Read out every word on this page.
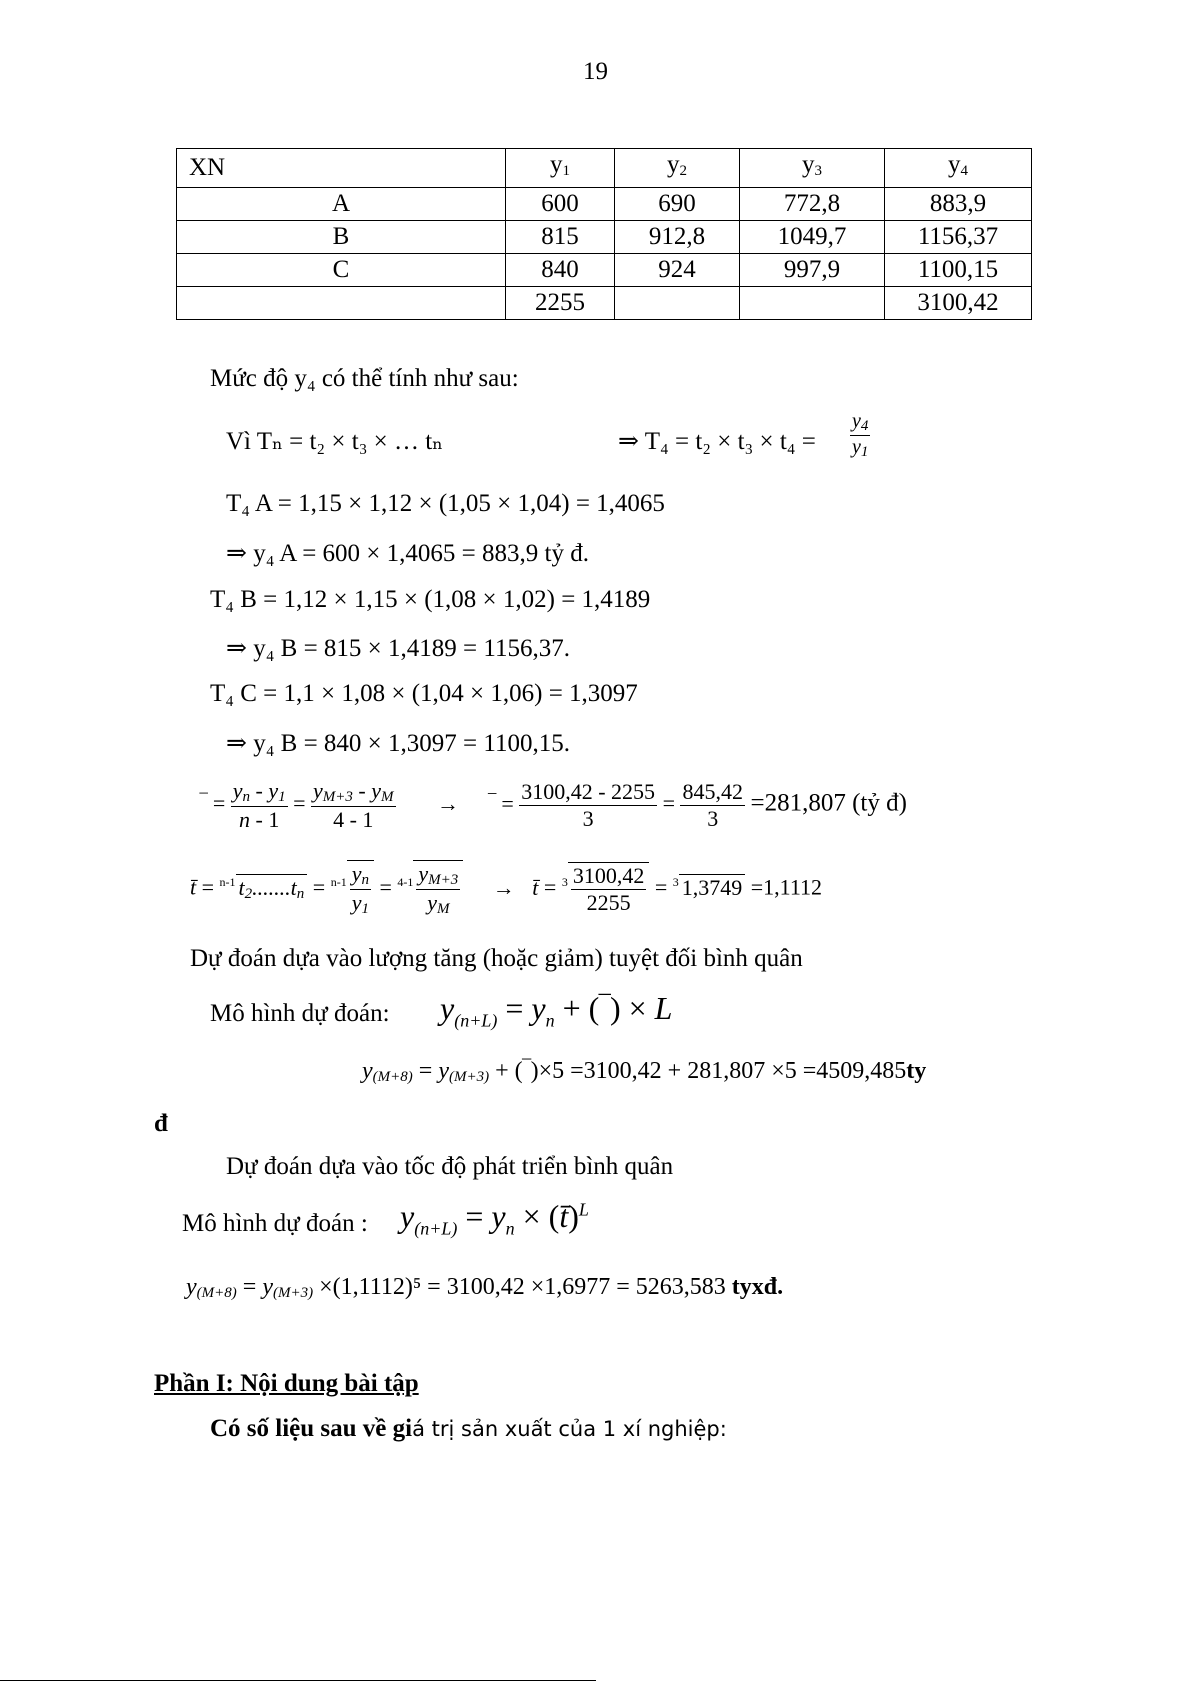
19
XN	$y_1$	$y_2$	$y_3$	$y_4$
A	600	690	772,8	883,9
B	815	912,8	1049,7	1156,37
C	840	924	997,9	1100,15
	2255			3100,42
Mức độ y₄ có thể tính như sau:
Vì Tₙ = t₂ × t₃ × … tₙ	⇒ $T_4 = t_2 \times t_3 \times t_4 = \frac{y_4}{y_1}$
T₄ A = 1,15 × 1,12 × (1,05 × 1,04) = 1,4065
⇒ y₄ A = 600 × 1,4065 = 883,9 tỷ đ.
T₄ B = 1,12 × 1,15 × (1,08 × 1,02) = 1,4189
⇒ y₄ B = 815 × 1,4189 = 1156,37.
T₄ C = 1,1 × 1,08 × (1,04 × 1,06) = 1,3097
⇒ y₄ B = 840 × 1,3097 = 1100,15.
‾ = $\frac{y_n - y_1}{n - 1} = \frac{y_{M+3} - y_M}{4 - 1}$ → ‾ = $\frac{3100,42 - 2255}{3} = \frac{845,42}{3} =281,807$ (tỷ đ)
t̄ = $^{n-1}$ $t_2.......t_n = ^{n-1} \frac{y_n}{y_1} = ^{4-1} \frac{y_{M+3}}{y_M}$ → t̄ = $^3 \frac{3100,42}{2255} = ^3$ 1,3749 =1,1112
Dự đoán dựa vào lượng tăng (hoặc giảm) tuyệt đối bình quân
Mô hình dự đoán: $y_{(n+L)} = y_n$ + (‾) × L
$y_{(M+8)} = y_{(M+3)}$ + (‾)×5 =3100,42 + 281,807 ×5 =4509,485ty
đ
Dự đoán dựa vào tốc độ phát triển bình quân
Mô hình dự đoán : $y_{(n+L)} = y_n$ × (t̄)$^L$
$y_{(M+8)} = y_{(M+3)} \times(1,1112)^5 = 3100,42 \times 1,6977 = 5263,583$ tyxđ.
Phần I: Nội dung bài tập
Có số liệu sau về giá trị sản xuất của 1 xí nghiệp:
